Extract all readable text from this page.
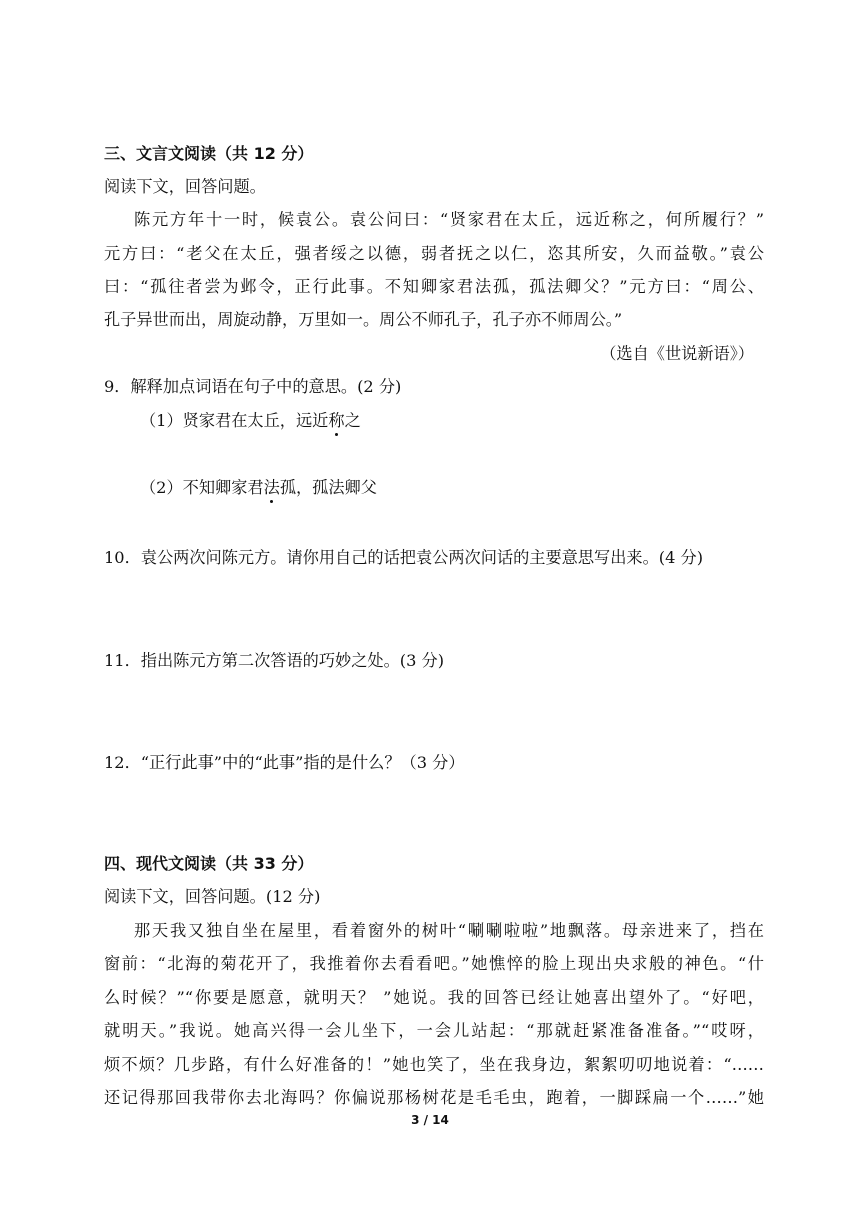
三、文言文阅读（共 12 分）
阅读下文，回答问题。
陈元方年十一时，候袁公。袁公问曰：“贤家君在太丘，远近称之，何所履行？”
元方曰：“老父在太丘，强者绥之以德，弱者抚之以仁，恣其所安，久而益敬。”袁公
曰：“孤往者尝为邺令，正行此事。不知卿家君法孤，孤法卿父？”元方曰：“周公、
孔子异世而出，周旋动静，万里如一。周公不师孔子，孔子亦不师周公。”
（选自《世说新语》）
9．解释加点词语在句子中的意思。(2 分)
（1）贤家君在太丘，远近称之
（2）不知卿家君法孤，孤法卿父
10．袁公两次问陈元方。请你用自己的话把袁公两次问话的主要意思写出来。(4 分)
11．指出陈元方第二次答语的巧妙之处。(3 分)
12．“正行此事”中的“此事”指的是什么？（3 分）
四、现代文阅读（共 33 分）
阅读下文，回答问题。(12 分)
那天我又独自坐在屋里，看着窗外的树叶“唰唰啦啦”地飘落。母亲进来了，挡在
窗前：“北海的菊花开了，我推着你去看看吧。”她憔悴的脸上现出央求般的神色。“什
么时候？”“你要是愿意，就明天？ ”她说。我的回答已经让她喜出望外了。“好吧，
就明天。”我说。她高兴得一会儿坐下，一会儿站起：“那就赶紧准备准备。”“哎呀，
烦不烦？几步路，有什么好准备的！”她也笑了，坐在我身边，絮絮叨叨地说着：“……
还记得那回我带你去北海吗？你偏说那杨树花是毛毛虫，跑着，一脚踩扁一个……”她
3 / 14
